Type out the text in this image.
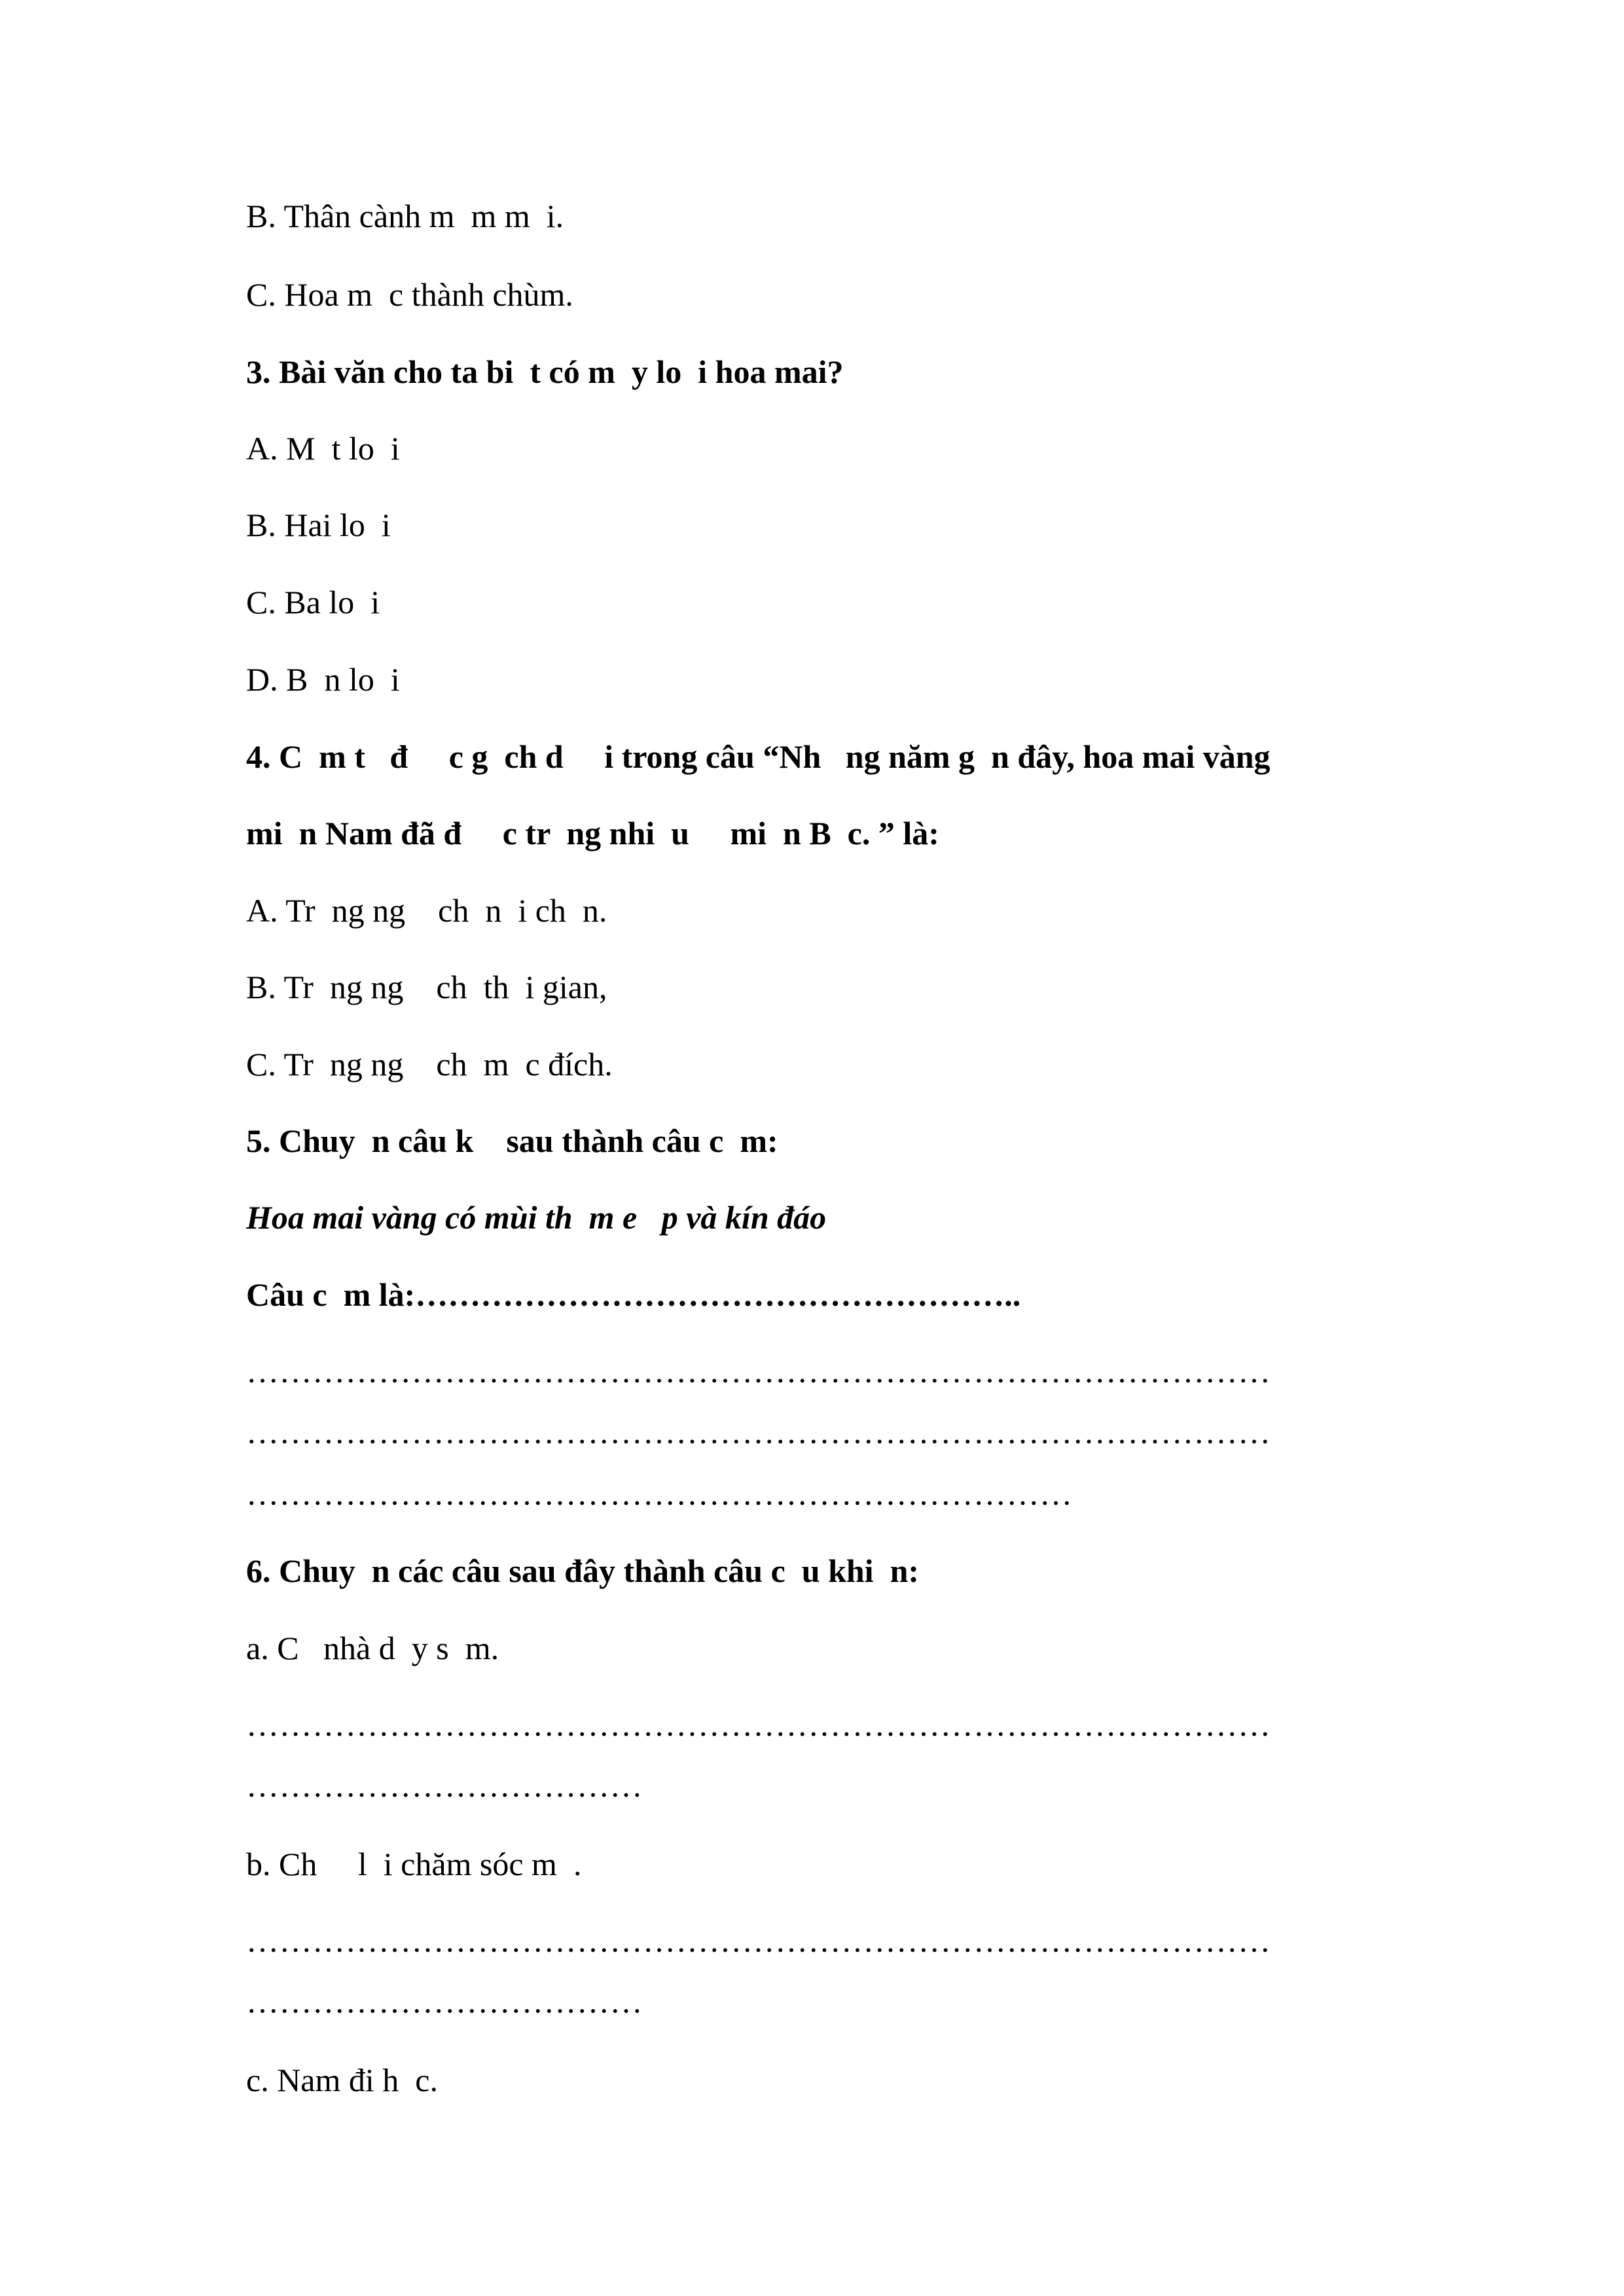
B. Thân cành m  m m  i.
C. Hoa m  c thành chùm.
3. Bài văn cho ta bi  t có m  y lo  i hoa mai?
A. M  t lo  i
B. Hai lo  i
C. Ba lo  i
D. B  n lo  i
4. C  m t   đ     c g  ch d     i trong câu “Nh   ng năm g  n đây, hoa mai vàng
mi  n Nam đã đ     c tr  ng nhi  u     mi  n B  c. ” là:
A. Tr  ng ng    ch  n  i ch  n.
B. Tr  ng ng    ch  th  i gian,
C. Tr  ng ng    ch  m  c đích.
5. Chuy  n câu k    sau thành câu c  m:
Hoa mai vàng có mùi th  m e   p và kín đáo
Câu c  m là:………………………………………………..
…………………………………………………………………………………
…………………………………………………………………………………
…………………………………………………………………
6. Chuy  n các câu sau đây thành câu c  u khi  n:
a. C   nhà d  y s  m.
…………………………………………………………………………………
………………………………
b. Ch     l  i chăm sóc m  .
…………………………………………………………………………………
………………………………
c. Nam đi h  c.
